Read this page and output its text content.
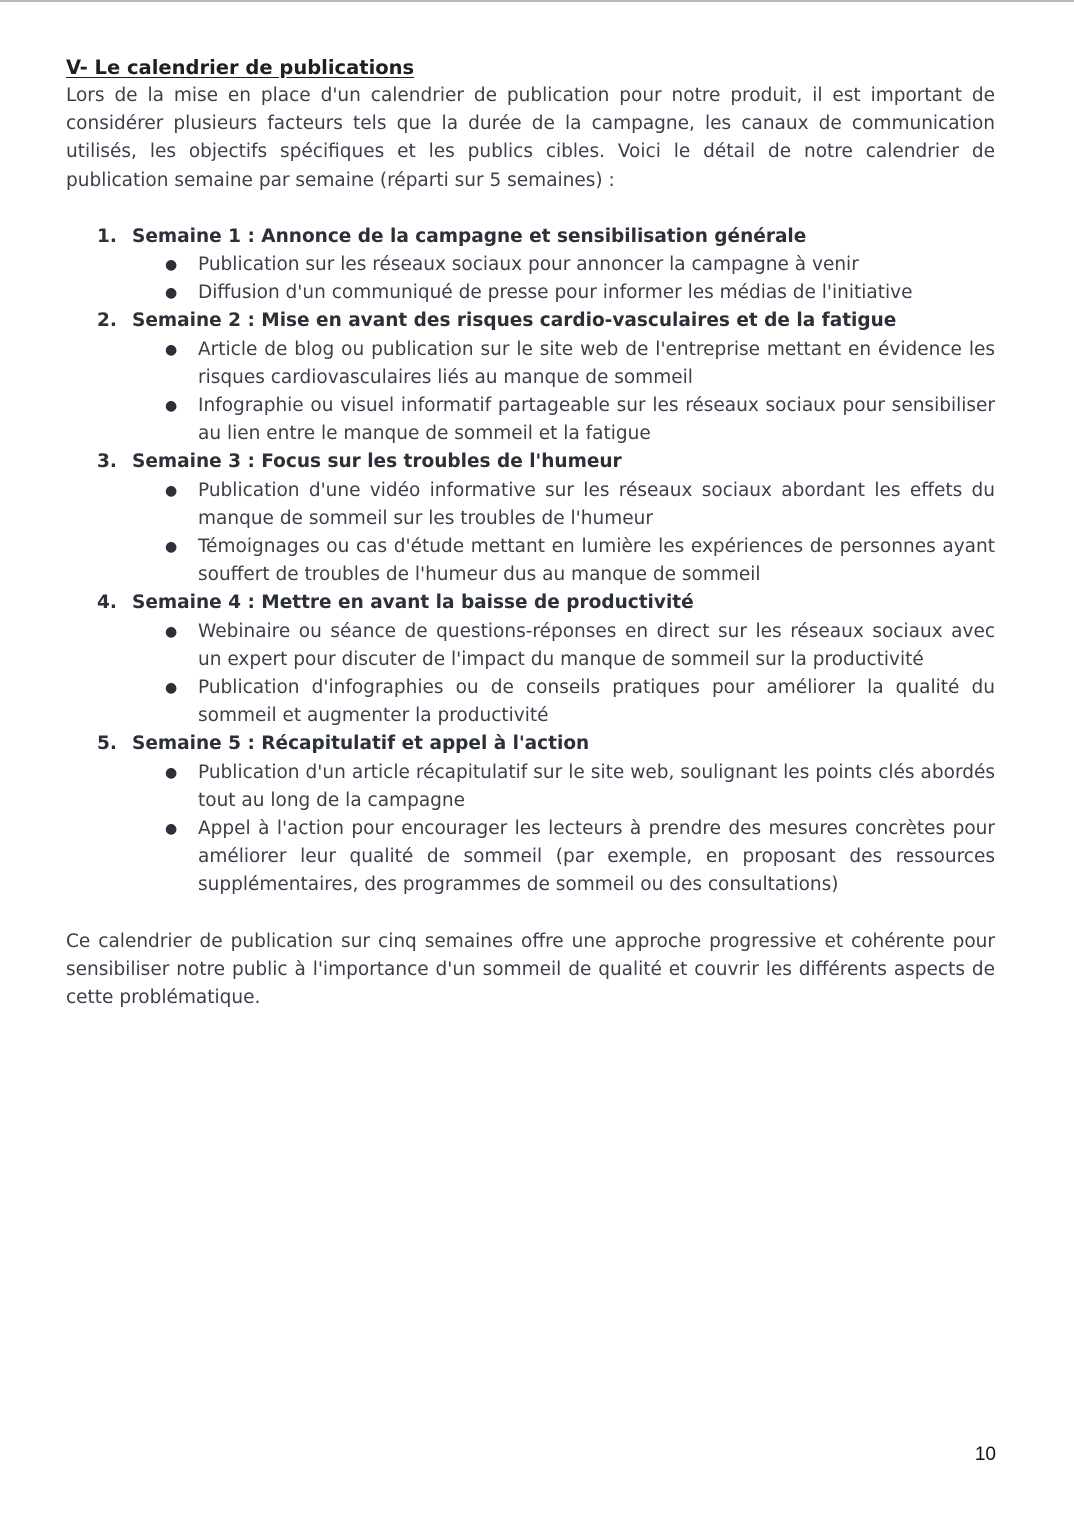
V- Le calendrier de publications

Lors de la mise en place d'un calendrier de publication pour notre produit, il est important de considérer plusieurs facteurs tels que la durée de la campagne, les canaux de communication utilisés, les objectifs spécifiques et les publics cibles. Voici le détail de notre calendrier de publication semaine par semaine (réparti sur 5 semaines) :

1. Semaine 1 : Annonce de la campagne et sensibilisation générale
● Publication sur les réseaux sociaux pour annoncer la campagne à venir
● Diffusion d'un communiqué de presse pour informer les médias de l'initiative
2. Semaine 2 : Mise en avant des risques cardio-vasculaires et de la fatigue
● Article de blog ou publication sur le site web de l'entreprise mettant en évidence les risques cardiovasculaires liés au manque de sommeil
● Infographie ou visuel informatif partageable sur les réseaux sociaux pour sensibiliser au lien entre le manque de sommeil et la fatigue
3. Semaine 3 : Focus sur les troubles de l'humeur
● Publication d'une vidéo informative sur les réseaux sociaux abordant les effets du manque de sommeil sur les troubles de l'humeur
● Témoignages ou cas d'étude mettant en lumière les expériences de personnes ayant souffert de troubles de l'humeur dus au manque de sommeil
4. Semaine 4 : Mettre en avant la baisse de productivité
● Webinaire ou séance de questions-réponses en direct sur les réseaux sociaux avec un expert pour discuter de l'impact du manque de sommeil sur la productivité
● Publication d'infographies ou de conseils pratiques pour améliorer la qualité du sommeil et augmenter la productivité
5. Semaine 5 : Récapitulatif et appel à l'action
● Publication d'un article récapitulatif sur le site web, soulignant les points clés abordés tout au long de la campagne
● Appel à l'action pour encourager les lecteurs à prendre des mesures concrètes pour améliorer leur qualité de sommeil (par exemple, en proposant des ressources supplémentaires, des programmes de sommeil ou des consultations)

Ce calendrier de publication sur cinq semaines offre une approche progressive et cohérente pour sensibiliser notre public à l'importance d'un sommeil de qualité et couvrir les différents aspects de cette problématique.

10
